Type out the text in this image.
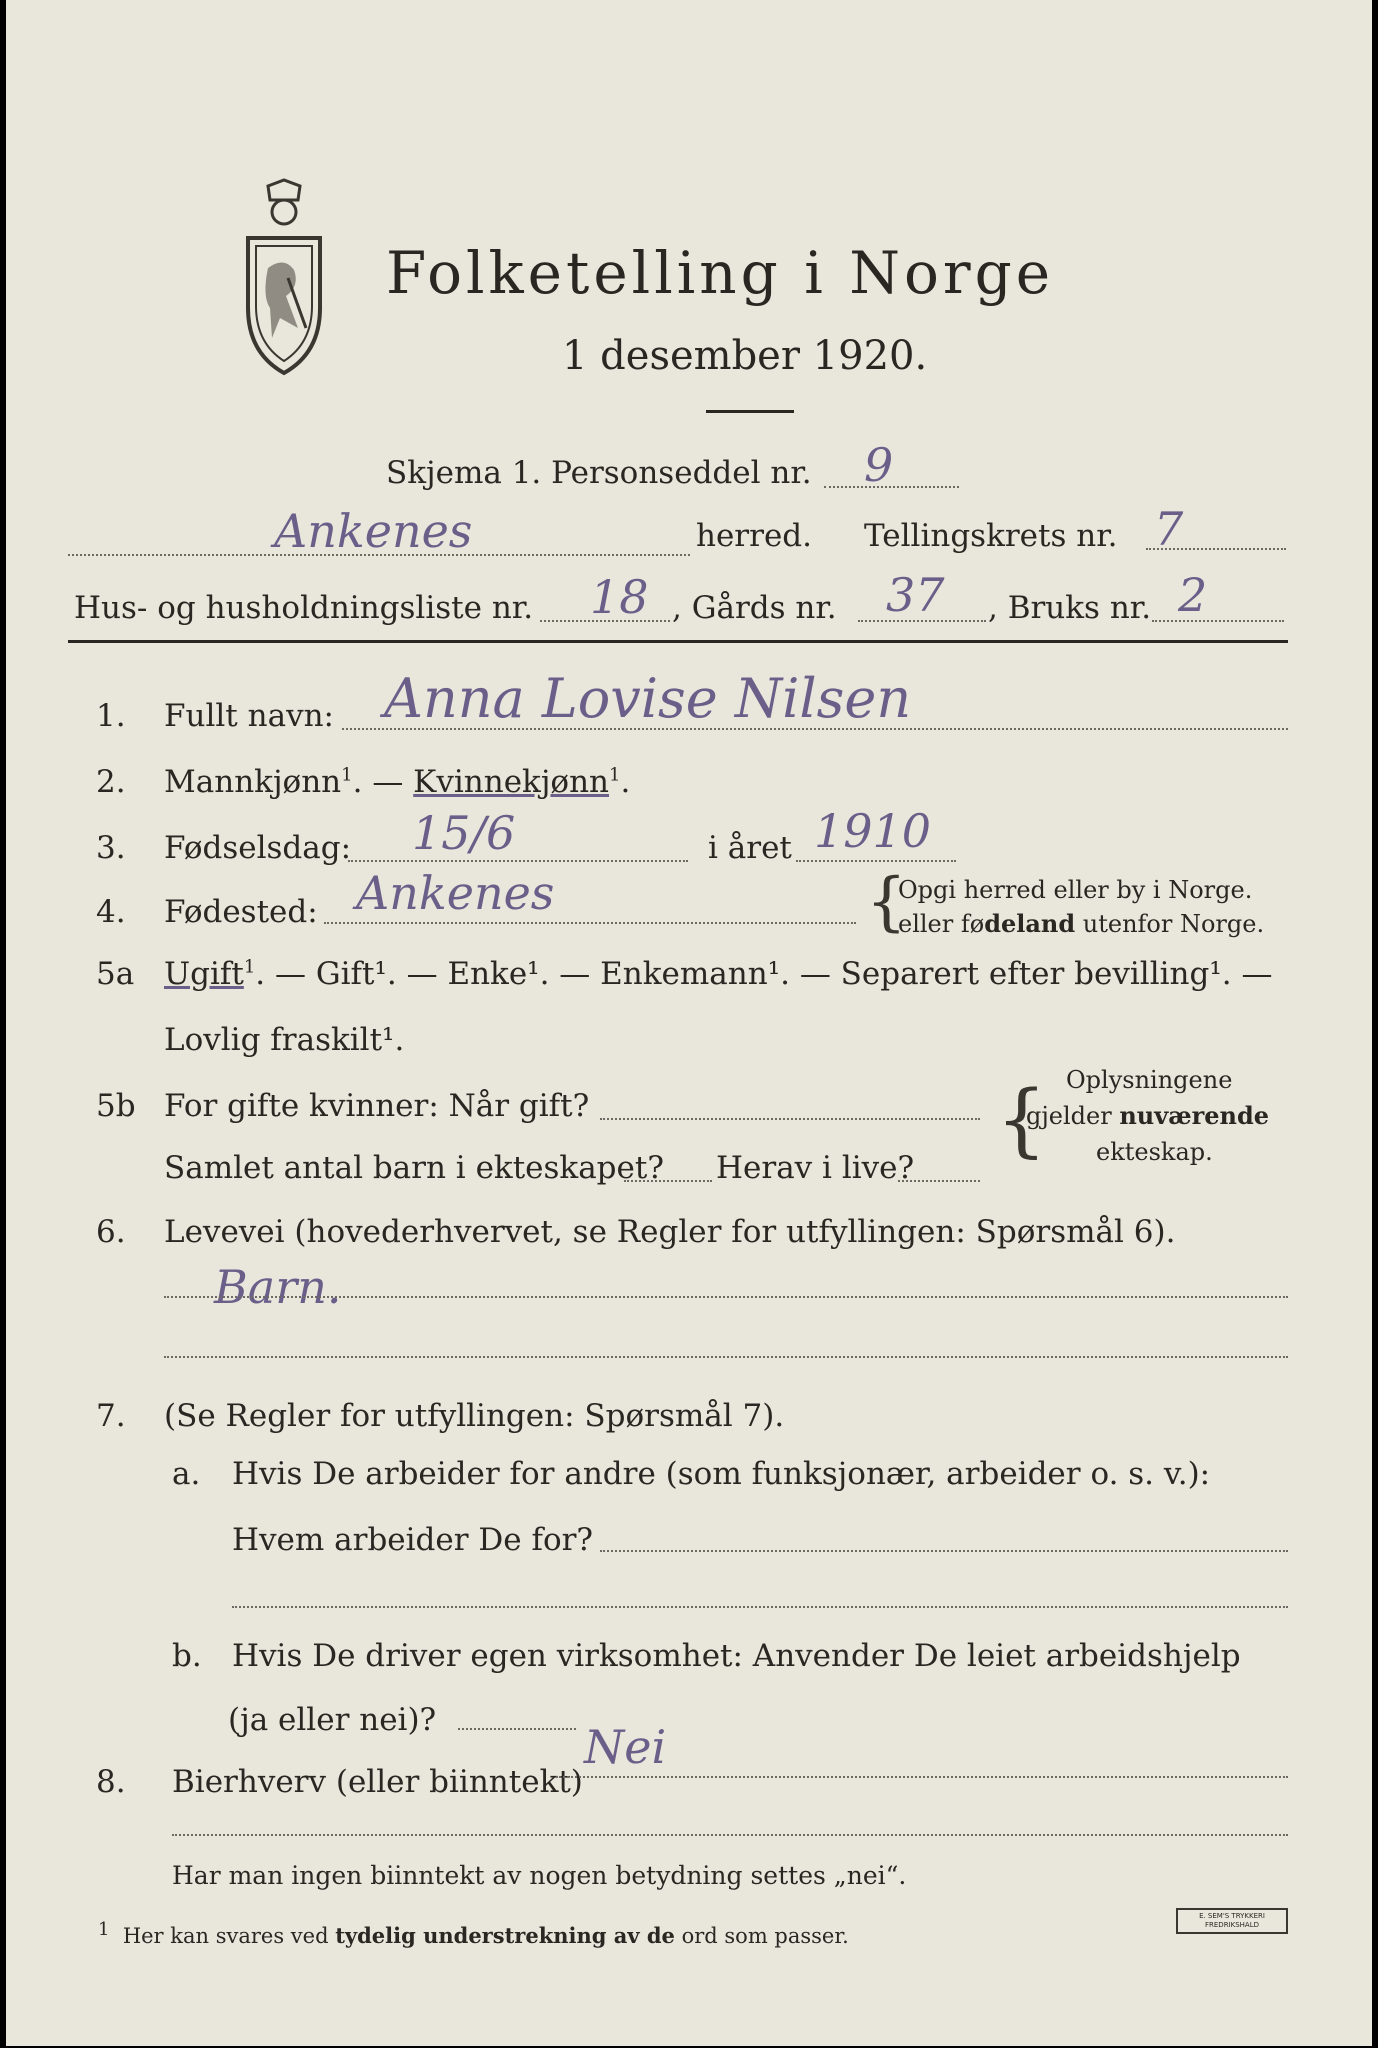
Folketelling i Norge
1 desember 1920.
Skjema 1. Personseddel nr. 9
Ankenes	herred. Tellingskrets nr. 7
Hus- og husholdningsliste nr. 18 , Gårds nr. 37 , Bruks nr. 2
1. Fullt navn: Anna Lovise Nilsen
2. Mannkjønn$^1$. — Kvinnekjønn$^1$.
3. Fødselsdag: 15/6	i året 1910
4. Fødested: Ankenes	{
Opgi herred eller by i Norge.
eller fødeland utenfor Norge.
5a Ugift$^1$. — Gift¹. — Enke¹. — Enkemann¹. — Separert efter bevilling¹. —
Lovlig fraskilt¹.
5b For gifte kvinner: Når gift?
Samlet antal barn i ekteskapet? Herav i live?
{ Oplysningene
gjelder nuværende
ekteskap.
6. Levevei (hovederhvervet, se Regler for utfyllingen: Spørsmål 6).
Barn.
7. (Se Regler for utfyllingen: Spørsmål 7).
a. Hvis De arbeider for andre (som funksjonær, arbeider o. s. v.):
Hvem arbeider De for?
b. Hvis De driver egen virksomhet: Anvender De leiet arbeidshjelp
(ja eller nei)?
8. Bierhverv (eller biinntekt)
Nei
Har man ingen biinntekt av nogen betydning settes „nei“.
$^1$ Her kan svares ved tydelig understrekning av de ord som passer.
E. SEM'S TRYKKERI
FREDRIKSHALD
